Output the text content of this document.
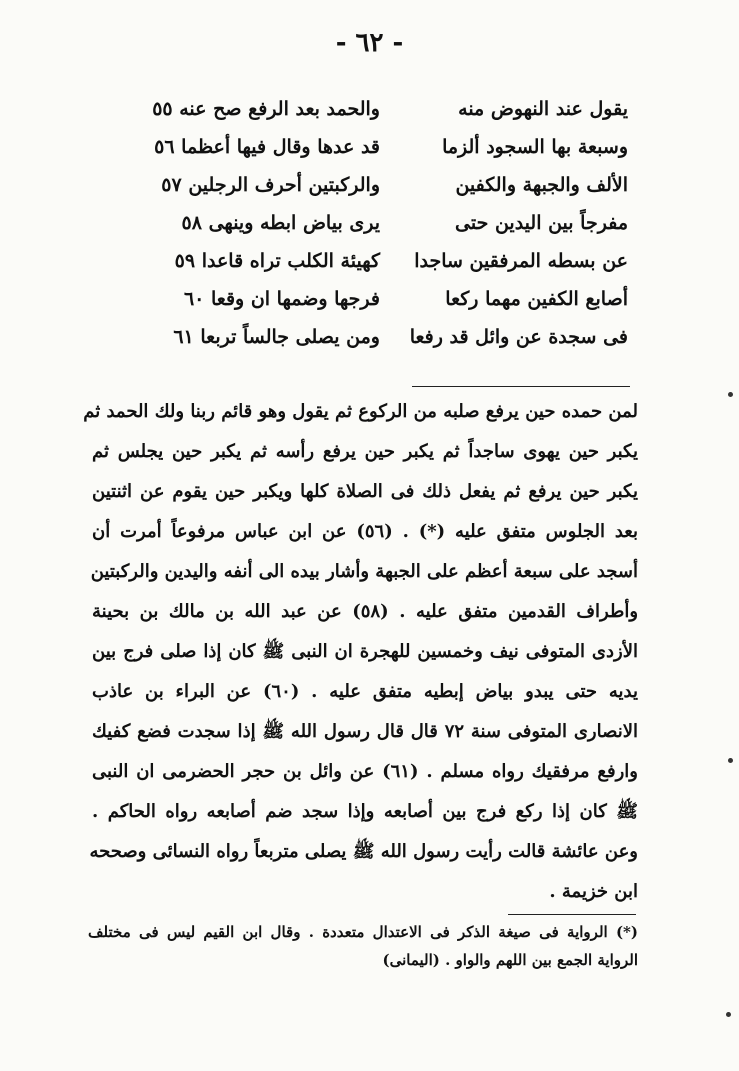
- ٦٢ -
يقول عند النهوض منه
والحمد بعد الرفع صح عنه ٥٥
وسبعة بها السجود ألزما
قد عدها وقال فيها أعظما ٥٦
الألف والجبهة والكفين
والركبتين أحرف الرجلين ٥٧
مفرجاً بين اليدين حتى
يرى بياض ابطه وينهى ٥٨
عن بسطه المرفقين ساجدا
كهيئة الكلب تراه قاعدا ٥٩
أصابع الكفين مهما ركعا
فرجها وضمها ان وقعا ٦٠
فى سجدة عن وائل قد رفعا
ومن يصلى جالساً تربعا ٦١
لمن حمده حين يرفع صلبه من الركوع ثم يقول وهو قائم ربنا ولك الحمد ثم
يكبر حين يهوى ساجداً ثم يكبر حين يرفع رأسه ثم يكبر حين يجلس ثم
يكبر حين يرفع ثم يفعل ذلك فى الصلاة كلها ويكبر حين يقوم عن اثنتين
بعد الجلوس متفق عليه (*) . (٥٦) عن ابن عباس مرفوعاً أمرت أن
أسجد على سبعة أعظم على الجبهة وأشار بيده الى أنفه واليدين والركبتين
وأطراف القدمين متفق عليه . (٥٨) عن عبد الله بن مالك بن بحينة
الأزدى المتوفى نيف وخمسين للهجرة ان النبى ﷺ كان إذا صلى فرج بين
يديه حتى يبدو بياض إبطيه متفق عليه . (٦٠) عن البراء بن عاذب
الانصارى المتوفى سنة ٧٢ قال قال رسول الله ﷺ إذا سجدت فضع كفيك
وارفع مرفقيك رواه مسلم . (٦١) عن وائل بن حجر الحضرمى ان النبى
ﷺ كان إذا ركع فرج بين أصابعه وإذا سجد ضم أصابعه رواه الحاكم .
وعن عائشة قالت رأيت رسول الله ﷺ يصلى متربعاً رواه النسائى وصححه
ابن خزيمة .
(*) الرواية فى صيغة الذكر فى الاعتدال متعددة . وقال ابن القيم ليس فى مختلف
الرواية الجمع بين اللهم والواو . (اليمانى)
